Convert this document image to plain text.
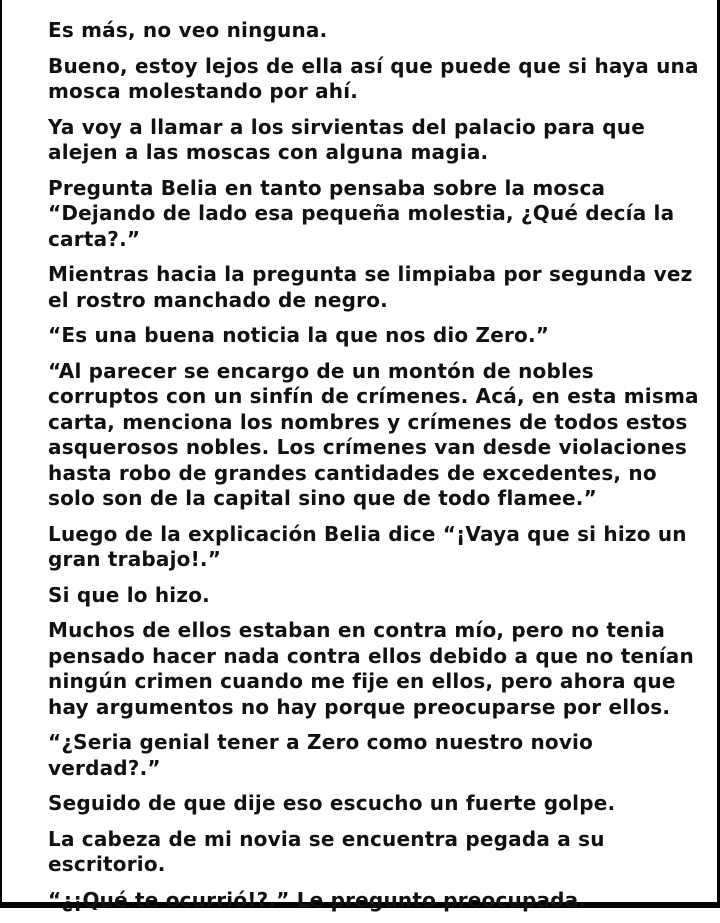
Es más, no veo ninguna.

Bueno, estoy lejos de ella así que puede que si haya una mosca molestando por ahí.

Ya voy a llamar a los sirvientas del palacio para que alejen a las moscas con alguna magia.

Pregunta Belia en tanto pensaba sobre la mosca “Dejando de lado esa pequeña molestia, ¿Qué decía la carta?.”

Mientras hacia la pregunta se limpiaba por segunda vez el rostro manchado de negro.

“Es una buena noticia la que nos dio Zero.”

“Al parecer se encargo de un montón de nobles corruptos con un sinfín de crímenes. Acá, en esta misma carta, menciona los nombres y crímenes de todos estos asquerosos nobles. Los crímenes van desde violaciones hasta robo de grandes cantidades de excedentes, no solo son de la capital sino que de todo flamee.”

Luego de la explicación Belia dice “¡Vaya que si hizo un gran trabajo!.”

Si que lo hizo.

Muchos de ellos estaban en contra mío, pero no tenia pensado hacer nada contra ellos debido a que no tenían ningún crimen cuando me fije en ellos, pero ahora que hay argumentos no hay porque preocuparse por ellos.

“¿Seria genial tener a Zero como nuestro novio verdad?.”

Seguido de que dije eso escucho un fuerte golpe.

La cabeza de mi novia se encuentra pegada a su escritorio.

“¿¡Qué te ocurrió!?.” Le pregunto preocupada.
